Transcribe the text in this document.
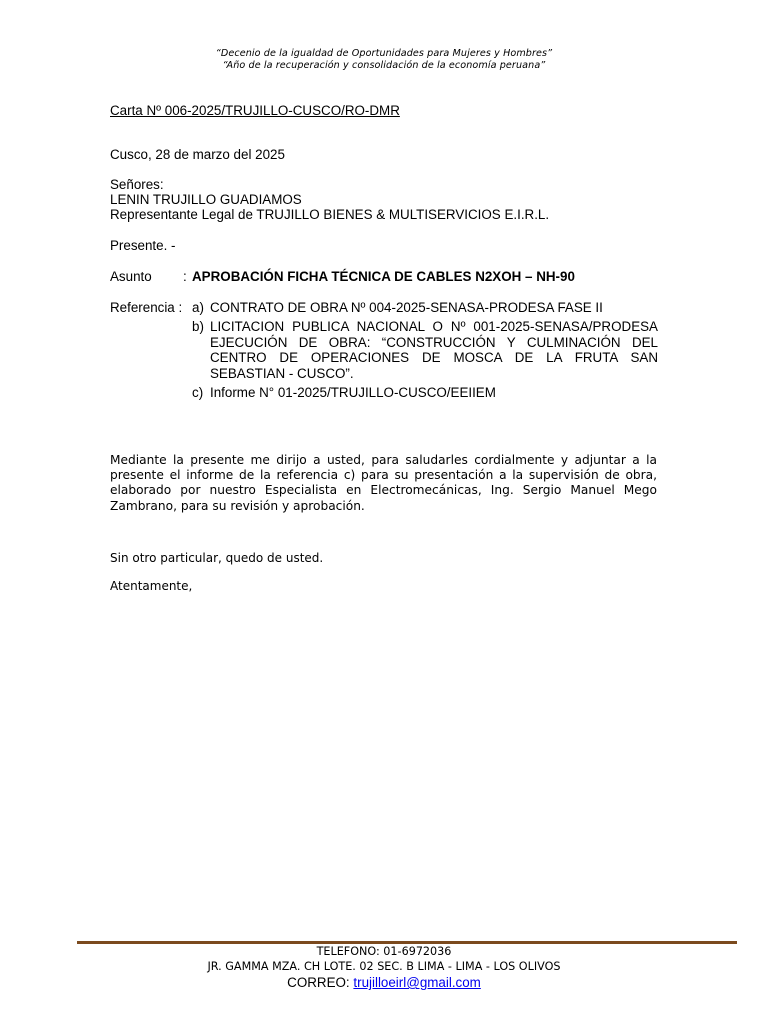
“Decenio de la igualdad de Oportunidades para Mujeres y Hombres”
“Año de la recuperación y consolidación de la economía peruana”
Carta Nº 006-2025/TRUJILLO-CUSCO/RO-DMR
Cusco, 28 de marzo del 2025
Señores:
LENIN TRUJILLO GUADIAMOS
Representante Legal de TRUJILLO BIENES & MULTISERVICIOS E.I.R.L.
Presente. -
Asunto : APROBACIÓN FICHA TÉCNICA DE CABLES N2XOH – NH-90
Referencia : a) CONTRATO DE OBRA Nº 004-2025-SENASA-PRODESA FASE II
b) LICITACION PUBLICA NACIONAL O Nº 001-2025-SENASA/PRODESA
EJECUCIÓN DE OBRA: “CONSTRUCCIÓN Y CULMINACIÓN DEL
CENTRO DE OPERACIONES DE MOSCA DE LA FRUTA SAN
SEBASTIAN - CUSCO”.
c) Informe N° 01-2025/TRUJILLO-CUSCO/EEIIEM
Mediante la presente me dirijo a usted, para saludarles cordialmente y adjuntar a la presente el informe de la referencia c) para su presentación a la supervisión de obra, elaborado por nuestro Especialista en Electromecánicas, Ing. Sergio Manuel Mego Zambrano, para su revisión y aprobación.
Sin otro particular, quedo de usted.
Atentamente,
TELEFONO: 01-6972036
JR. GAMMA MZA. CH LOTE. 02 SEC. B LIMA - LIMA - LOS OLIVOS
CORREO: trujilloeirl@gmail.com
